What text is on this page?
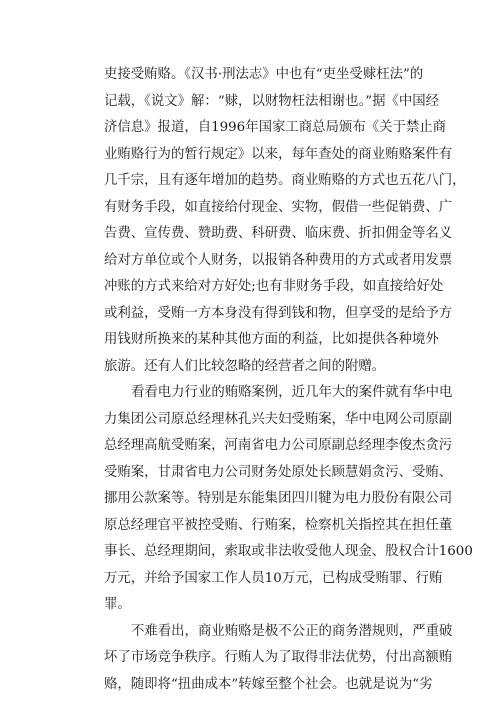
吏接受贿赂。《汉书·刑法志》中也有“吏坐受赇枉法”的
记载，《说文》解：“赇，以财物枉法相谢也。”据《中国经
济信息》报道，自1996年国家工商总局颁布《关于禁止商
业贿赂行为的暂行规定》以来，每年查处的商业贿赂案件有
几千宗，且有逐年增加的趋势。商业贿赂的方式也五花八门，
有财务手段，如直接给付现金、实物，假借一些促销费、广
告费、宣传费、赞助费、科研费、临床费、折扣佣金等名义
给对方单位或个人财务，以报销各种费用的方式或者用发票
冲账的方式来给对方好处;也有非财务手段，如直接给好处
或利益，受贿一方本身没有得到钱和物，但享受的是给予方
用钱财所换来的某种其他方面的利益，比如提供各种境外
旅游。还有人们比较忽略的经营者之间的附赠。
看看电力行业的贿赂案例，近几年大的案件就有华中电
力集团公司原总经理林孔兴夫妇受贿案，华中电网公司原副
总经理高航受贿案，河南省电力公司原副总经理李俊杰贪污
受贿案，甘肃省电力公司财务处原处长顾慧娟贪污、受贿、
挪用公款案等。特别是东能集团四川犍为电力股份有限公司
原总经理官平被控受贿、行贿案，检察机关指控其在担任董
事长、总经理期间，索取或非法收受他人现金、股权合计1600
万元，并给予国家工作人员10万元，已构成受贿罪、行贿
罪。
不难看出，商业贿赂是极不公正的商务潜规则，严重破
坏了市场竞争秩序。行贿人为了取得非法优势，付出高额贿
赂，随即将“扭曲成本”转嫁至整个社会。也就是说为“劣
